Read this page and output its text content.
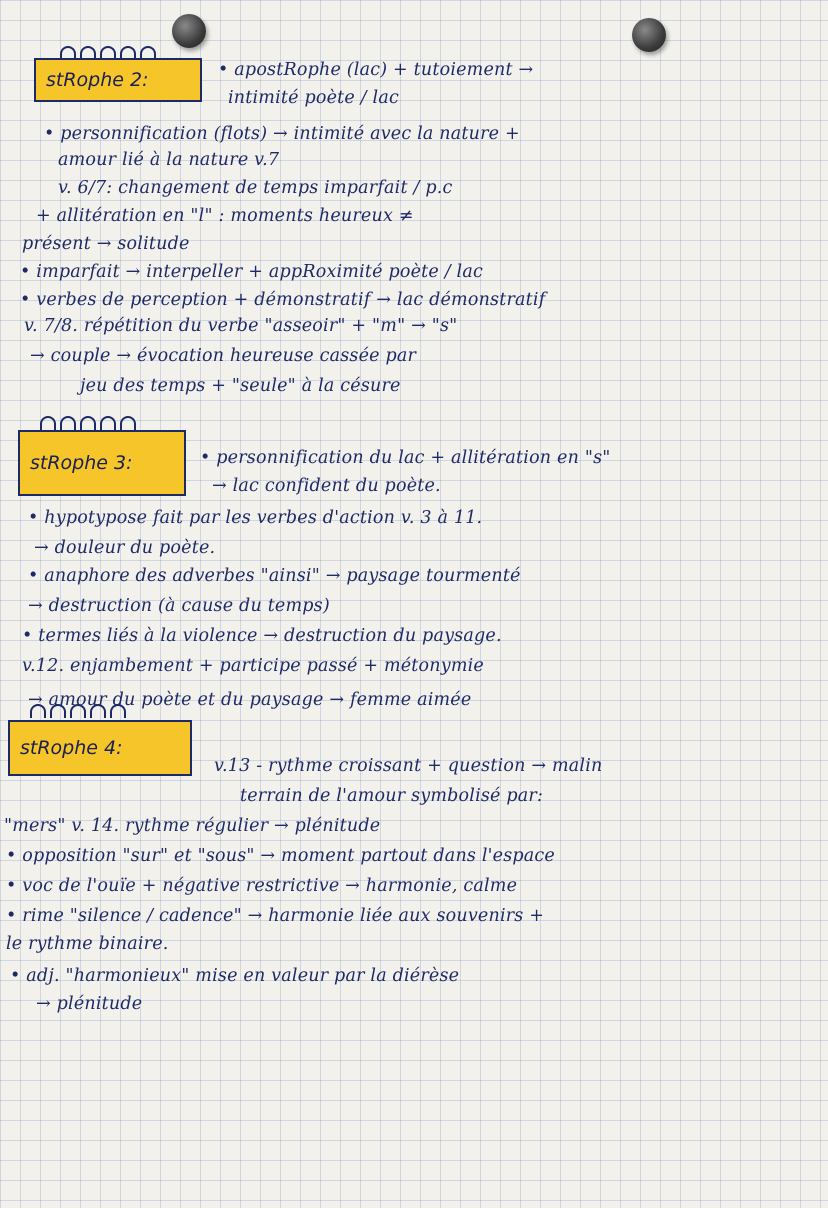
stRophe 2:	• apostRophe (lac) + tutoiement →
intimité poète / lac
• personnification (flots) → intimité avec la nature +
amour lié à la nature v.7
v. 6/7: changement de temps imparfait / p.c
+ allitération en "l" : moments heureux ≠
présent → solitude
• imparfait → interpeller + appRoximité poète / lac
• verbes de perception + démonstratif → lac démonstratif
v. 7/8. répétition du verbe "asseoir" + "m" → "s"
→ couple → évocation heureuse cassée par
jeu des temps + "seule" à la césure
stRophe 3:	• personnification du lac + allitération en "s"
→ lac confident du poète.
• hypotypose fait par les verbes d'action v. 3 à 11.
→ douleur du poète.
• anaphore des adverbes "ainsi" → paysage tourmenté
→ destruction (à cause du temps)
• termes liés à la violence → destruction du paysage.
v.12. enjambement + participe passé + métonymie
→ amour du poète et du paysage → femme aimée
stRophe 4:
v.13 - rythme croissant + question → malin
terrain de l'amour symbolisé par:
"mers" v. 14. rythme régulier → plénitude
• opposition "sur" et "sous" → moment partout dans l'espace
• voc de l'ouïe + négative restrictive → harmonie, calme
• rime "silence / cadence" → harmonie liée aux souvenirs +
le rythme binaire.
• adj. "harmonieux" mise en valeur par la diérèse
→ plénitude
